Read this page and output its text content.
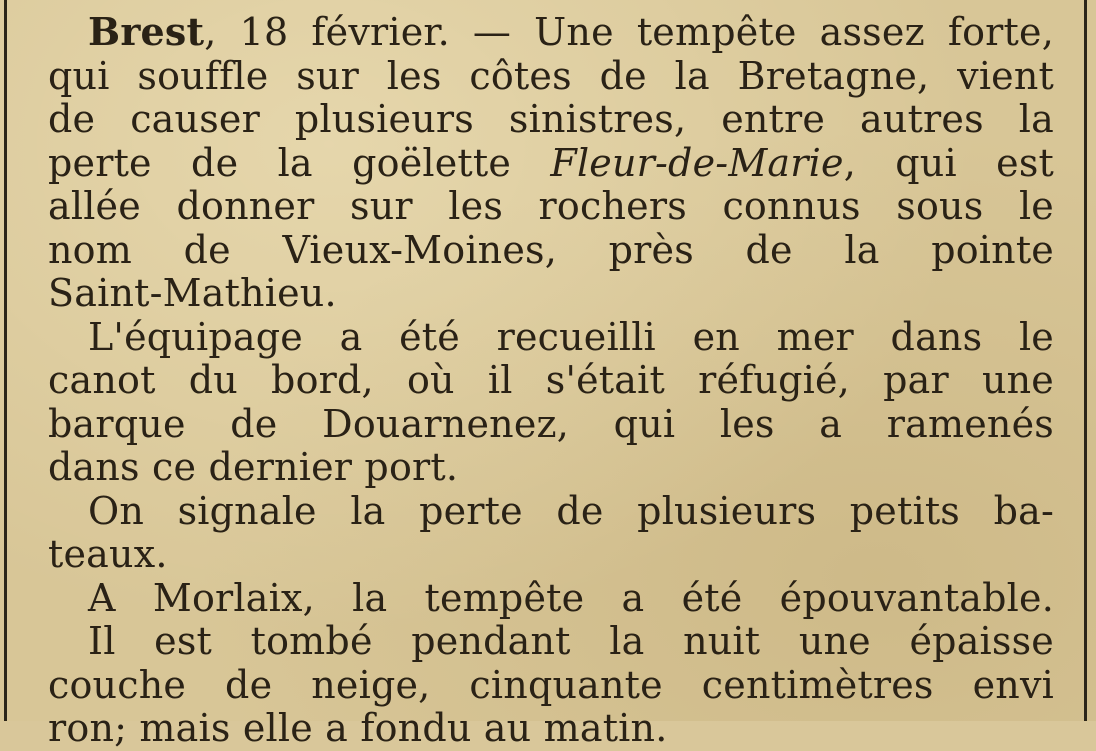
Brest, 18 février. — Une tempête assez forte,
qui souffle sur les côtes de la Bretagne, vient
de causer plusieurs sinistres, entre autres la
perte de la goëlette Fleur-de-Marie, qui est
allée donner sur les rochers connus sous le
nom de Vieux-Moines, près de la pointe
Saint-Mathieu.
L'équipage a été recueilli en mer dans le
canot du bord, où il s'était réfugié, par une
barque de Douarnenez, qui les a ramenés
dans ce dernier port.
On signale la perte de plusieurs petits ba-
teaux.
A Morlaix, la tempête a été épouvantable.
Il est tombé pendant la nuit une épaisse
couche de neige, cinquante centimètres envi
ron; mais elle a fondu au matin.
